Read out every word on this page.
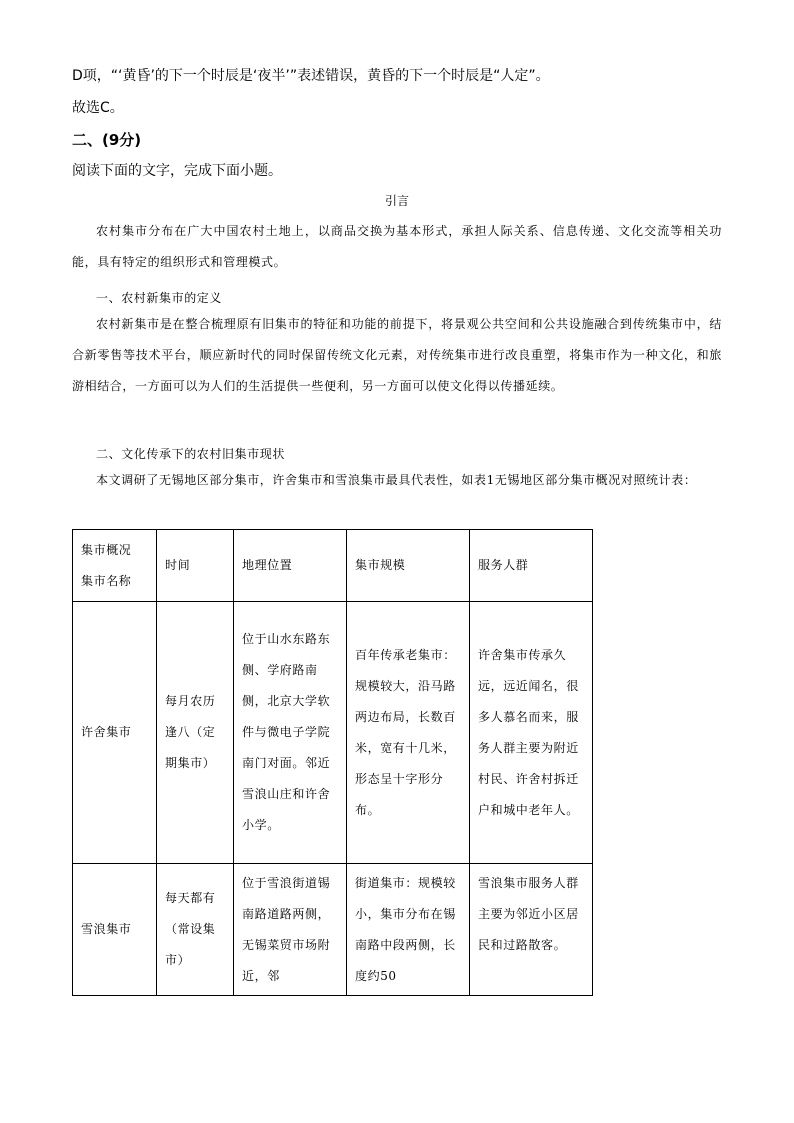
D项，“‘黄昏’的下一个时辰是‘夜半’”表述错误，黄昏的下一个时辰是“人定”。
故选C。
二、(9分)
阅读下面的文字，完成下面小题。
引言
农村集市分布在广大中国农村土地上，以商品交换为基本形式，承担人际关系、信息传递、文化交流等相关功能，具有特定的组织形式和管理模式。
一、农村新集市的定义
农村新集市是在整合梳理原有旧集市的特征和功能的前提下，将景观公共空间和公共设施融合到传统集市中，结合新零售等技术平台，顺应新时代的同时保留传统文化元素，对传统集市进行改良重塑，将集市作为一种文化，和旅游相结合，一方面可以为人们的生活提供一些便利，另一方面可以使文化得以传播延续。
二、文化传承下的农村旧集市现状
本文调研了无锡地区部分集市，许舍集市和雪浪集市最具代表性，如表1无锡地区部分集市概况对照统计表：
集市概况
集市名称	时间	地理位置	集市规模	服务人群
许舍集市	每月农历逢八（定期集市）	位于山水东路东侧、学府路南侧，北京大学软件与微电子学院南门对面。邻近雪浪山庄和许舍小学。	百年传承老集市：规模较大，沿马路两边布局，长数百米，宽有十几米，形态呈十字形分布。	许舍集市传承久远，远近闻名，很多人慕名而来，服务人群主要为附近村民、许舍村拆迁户和城中老年人。
雪浪集市	每天都有（常设集市）	位于雪浪街道锡南路道路两侧，无锡菜贸市场附近，邻	街道集市：规模较小，集市分布在锡南路中段两侧，长度约50	雪浪集市服务人群主要为邻近小区居民和过路散客。
